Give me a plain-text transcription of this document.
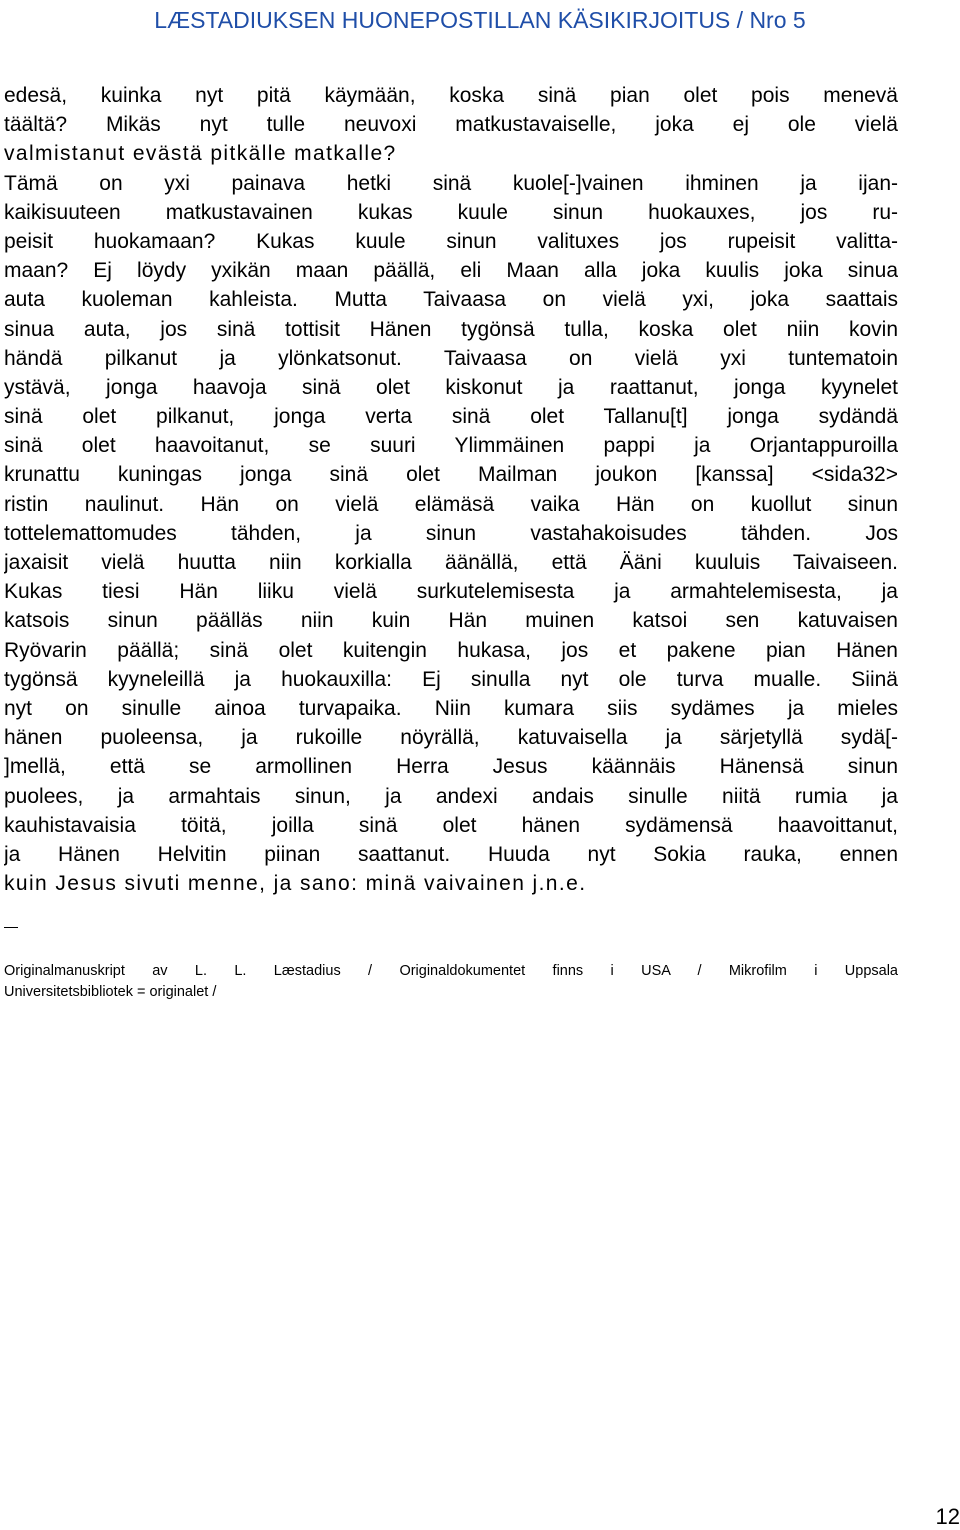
LÆSTADIUKSEN HUONEPOSTILLAN KÄSIKIRJOITUS / Nro 5
edesä, kuinka nyt pitä käymään, koska sinä pian olet pois menevä
täältä? Mikäs nyt tulle neuvoxi matkustavaiselle, joka ej ole vielä
valmistanut evästä pitkälle matkalle?
Tämä on yxi painava hetki sinä kuole[-]vainen ihminen ja ijan-
kaikisuuteen matkustavainen kukas kuule sinun huokauxes, jos ru-
peisit huokamaan? Kukas kuule sinun valituxes jos rupeisit valitta-
maan? Ej löydy yxikän maan päällä, eli Maan alla joka kuulis joka sinua
auta kuoleman kahleista. Mutta Taivaasa on vielä yxi, joka saattais
sinua auta, jos sinä tottisit Hänen tygönsä tulla, koska olet niin kovin
händä pilkanut ja ylönkatsonut. Taivaasa on vielä yxi tuntematoin
ystävä, jonga haavoja sinä olet kiskonut ja raattanut, jonga kyynelet
sinä olet pilkanut, jonga verta sinä olet Tallanu[t] jonga sydändä
sinä olet haavoitanut, se suuri Ylimmäinen pappi ja Orjantappuroilla
krunattu kuningas jonga sinä olet Mailman joukon [kanssa] <sida32>
ristin naulinut. Hän on vielä elämäsä vaika Hän on kuollut sinun
tottelemattomudes tähden, ja sinun vastahakoisudes tähden. Jos
jaxaisit vielä huutta niin korkialla äänällä, että Ääni kuuluis Taivaiseen.
Kukas tiesi Hän liiku vielä surkutelemisesta ja armahtelemisesta, ja
katsois sinun päälläs niin kuin Hän muinen katsoi sen katuvaisen
Ryövarin päällä; sinä olet kuitengin hukasa, jos et pakene pian Hänen
tygönsä kyyneleillä ja huokauxilla: Ej sinulla nyt ole turva mualle. Siinä
nyt on sinulle ainoa turvapaika. Niin kumara siis sydämes ja mieles
hänen puoleensa, ja rukoille nöyrällä, katuvaisella ja särjetyllä sydä[-
]mellä, että se armollinen Herra Jesus käännäis Hänensä sinun
puolees, ja armahtais sinun, ja andexi andais sinulle niitä rumia ja
kauhistavaisia töitä, joilla sinä olet hänen sydämensä haavoittanut,
ja Hänen Helvitin piinan saattanut. Huuda nyt Sokia rauka, ennen
kuin Jesus sivuti menne, ja sano: minä vaivainen j.n.e.
Originalmanuskript av L. L. Læstadius / Originaldokumentet finns i USA / Mikrofilm i Uppsala
Universitetsbibliotek = originalet /
12
